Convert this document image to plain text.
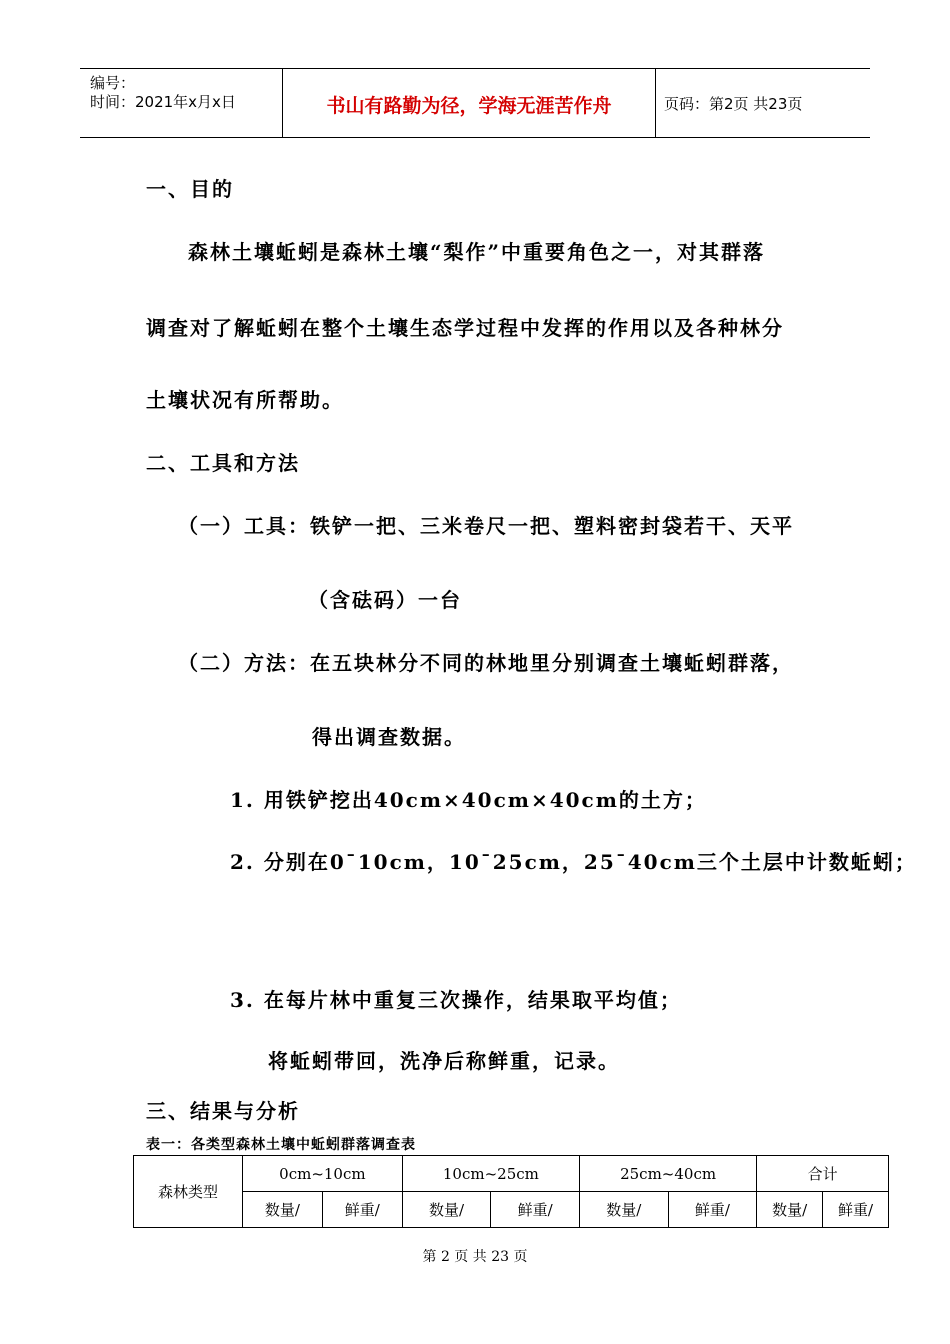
编号：
时间：2021年x月x日	书山有路勤为径，学海无涯苦作舟	页码：第2页 共23页
一、目的
森林土壤蚯蚓是森林土壤“梨作”中重要角色之一，对其群落
调查对了解蚯蚓在整个土壤生态学过程中发挥的作用以及各种林分
土壤状况有所帮助。
二、工具和方法
（一）工具：铁铲一把、三米卷尺一把、塑料密封袋若干、天平
（含砝码）一台
（二）方法：在五块林分不同的林地里分别调查土壤蚯蚓群落，
得出调查数据。
1. 用铁铲挖出40cm×40cm×40cm的土方；
2. 分别在0¯10cm，10¯25cm，25¯40cm三个土层中计数蚯蚓；
3. 在每片林中重复三次操作，结果取平均值；
将蚯蚓带回，洗净后称鲜重，记录。
三、结果与分析
表一：各类型森林土壤中蚯蚓群落调查表
森林类型	0cm~10cm		10cm~25cm		25cm~40cm		合计	
	数量/	鲜重/	数量/	鲜重/	数量/	鲜重/	数量/	鲜重/
第 2 页 共 23 页
